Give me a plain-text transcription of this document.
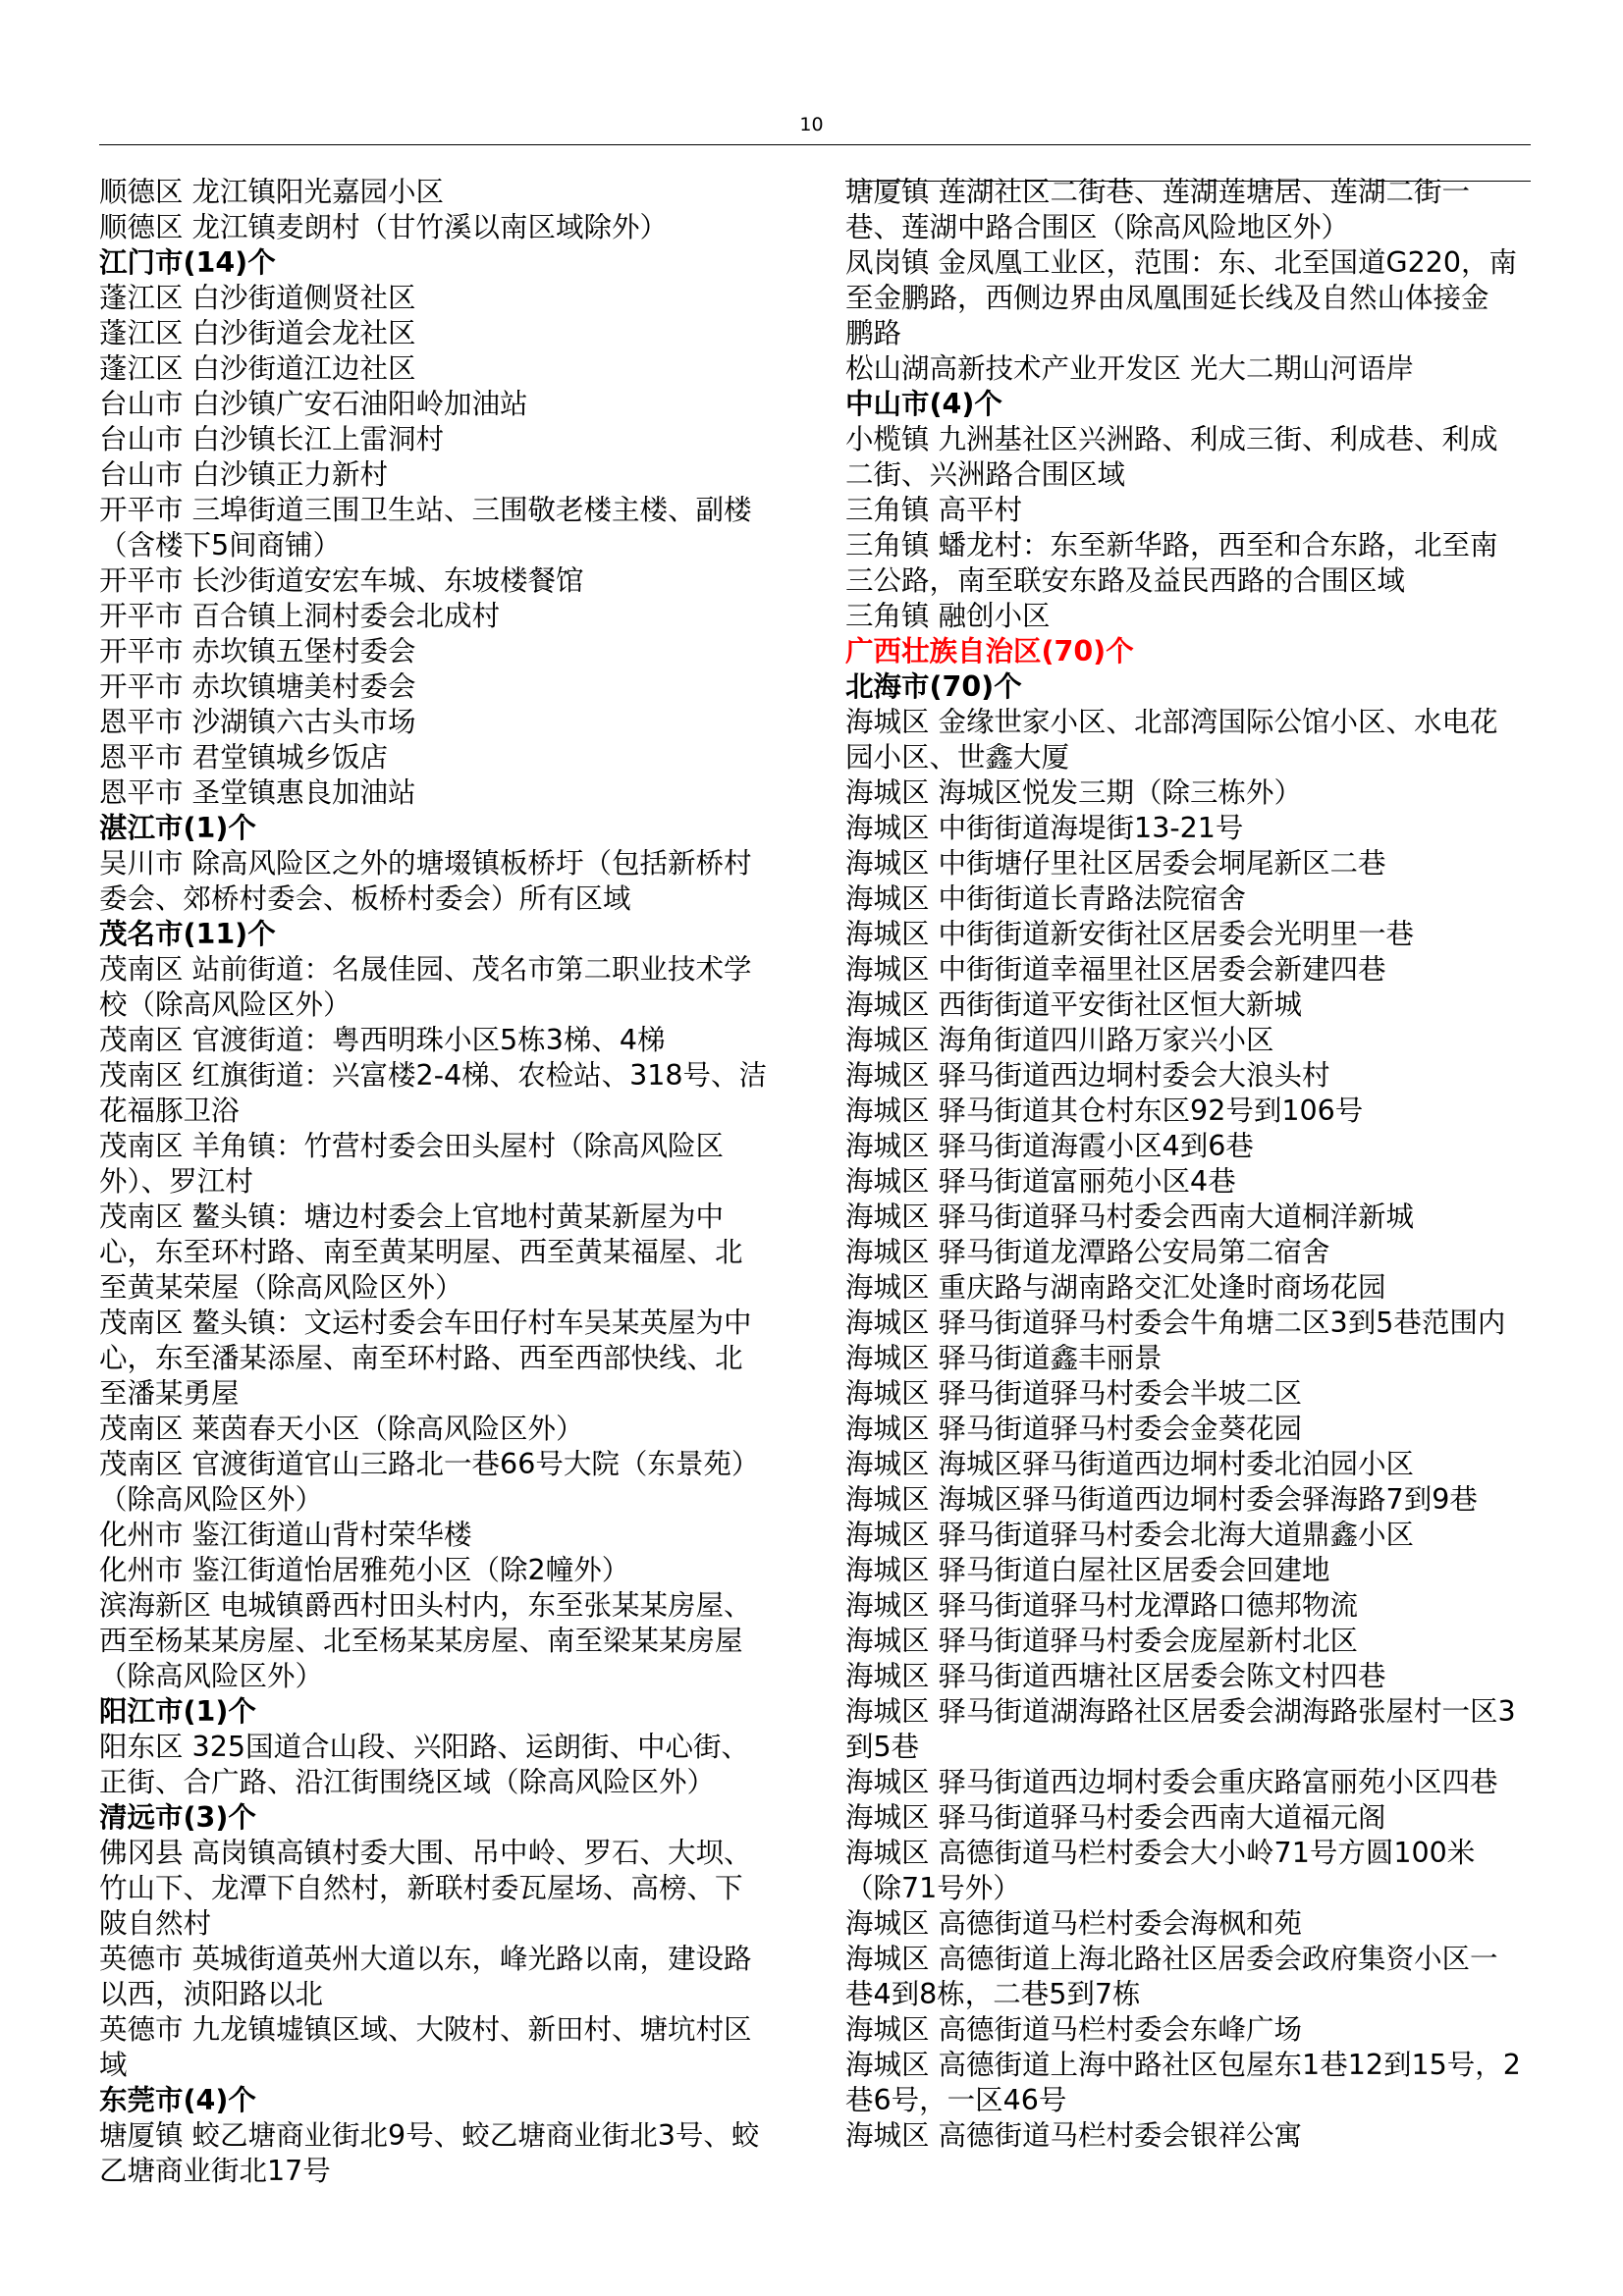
10
顺德区 龙江镇阳光嘉园小区
顺德区 龙江镇麦朗村（甘竹溪以南区域除外）
江门市(14)个
蓬江区 白沙街道侧贤社区
蓬江区 白沙街道会龙社区
蓬江区 白沙街道江边社区
台山市 白沙镇广安石油阳岭加油站
台山市 白沙镇长江上雷洞村
台山市 白沙镇正力新村
开平市 三埠街道三围卫生站、三围敬老楼主楼、副楼
（含楼下5间商铺）
开平市 长沙街道安宏车城、东坡楼餐馆
开平市 百合镇上洞村委会北成村
开平市 赤坎镇五堡村委会
开平市 赤坎镇塘美村委会
恩平市 沙湖镇六古头市场
恩平市 君堂镇城乡饭店
恩平市 圣堂镇惠良加油站
湛江市(1)个
吴川市 除高风险区之外的塘㙍镇板桥圩（包括新桥村
委会、郊桥村委会、板桥村委会）所有区域
茂名市(11)个
茂南区 站前街道：名晟佳园、茂名市第二职业技术学
校（除高风险区外）
茂南区 官渡街道：粤西明珠小区5栋3梯、4梯
茂南区 红旗街道：兴富楼2-4梯、农检站、318号、洁
花福豚卫浴
茂南区 羊角镇：竹营村委会田头屋村（除高风险区
外）、罗江村
茂南区 鳌头镇：塘边村委会上官地村黄某新屋为中
心，东至环村路、南至黄某明屋、西至黄某福屋、北
至黄某荣屋（除高风险区外）
茂南区 鳌头镇：文运村委会车田仔村车吴某英屋为中
心，东至潘某添屋、南至环村路、西至西部快线、北
至潘某勇屋
茂南区 莱茵春天小区（除高风险区外）
茂南区 官渡街道官山三路北一巷66号大院（东景苑）
（除高风险区外）
化州市 鉴江街道山背村荣华楼
化州市 鉴江街道怡居雅苑小区（除2幢外）
滨海新区 电城镇爵西村田头村内，东至张某某房屋、
西至杨某某房屋、北至杨某某房屋、南至梁某某房屋
（除高风险区外）
阳江市(1)个
阳东区 325国道合山段、兴阳路、运朗街、中心街、
正街、合广路、沿江街围绕区域（除高风险区外）
清远市(3)个
佛冈县 高岗镇高镇村委大围、吊中岭、罗石、大坝、
竹山下、龙潭下自然村，新联村委瓦屋场、高榜、下
陂自然村
英德市 英城街道英州大道以东，峰光路以南，建设路
以西，浈阳路以北
英德市 九龙镇墟镇区域、大陂村、新田村、塘坑村区
域
东莞市(4)个
塘厦镇 蛟乙塘商业街北9号、蛟乙塘商业街北3号、蛟
乙塘商业街北17号
塘厦镇 莲湖社区二街巷、莲湖莲塘居、莲湖二街一
巷、莲湖中路合围区（除高风险地区外）
凤岗镇 金凤凰工业区，范围：东、北至国道G220，南
至金鹏路，西侧边界由凤凰围延长线及自然山体接金
鹏路
松山湖高新技术产业开发区 光大二期山河语岸
中山市(4)个
小榄镇 九洲基社区兴洲路、利成三街、利成巷、利成
二街、兴洲路合围区域
三角镇 高平村
三角镇 蟠龙村：东至新华路，西至和合东路，北至南
三公路，南至联安东路及益民西路的合围区域
三角镇 融创小区
广西壮族自治区(70)个
北海市(70)个
海城区 金缘世家小区、北部湾国际公馆小区、水电花
园小区、世鑫大厦
海城区 海城区悦发三期（除三栋外）
海城区 中街街道海堤街13-21号
海城区 中街塘仔里社区居委会垌尾新区二巷
海城区 中街街道长青路法院宿舍
海城区 中街街道新安街社区居委会光明里一巷
海城区 中街街道幸福里社区居委会新建四巷
海城区 西街街道平安街社区恒大新城
海城区 海角街道四川路万家兴小区
海城区 驿马街道西边垌村委会大浪头村
海城区 驿马街道其仓村东区92号到106号
海城区 驿马街道海霞小区4到6巷
海城区 驿马街道富丽苑小区4巷
海城区 驿马街道驿马村委会西南大道桐洋新城
海城区 驿马街道龙潭路公安局第二宿舍
海城区 重庆路与湖南路交汇处逢时商场花园
海城区 驿马街道驿马村委会牛角塘二区3到5巷范围内
海城区 驿马街道鑫丰丽景
海城区 驿马街道驿马村委会半坡二区
海城区 驿马街道驿马村委会金葵花园
海城区 海城区驿马街道西边垌村委北泊园小区
海城区 海城区驿马街道西边垌村委会驿海路7到9巷
海城区 驿马街道驿马村委会北海大道鼎鑫小区
海城区 驿马街道白屋社区居委会回建地
海城区 驿马街道驿马村龙潭路口德邦物流
海城区 驿马街道驿马村委会庞屋新村北区
海城区 驿马街道西塘社区居委会陈文村四巷
海城区 驿马街道湖海路社区居委会湖海路张屋村一区3
到5巷
海城区 驿马街道西边垌村委会重庆路富丽苑小区四巷
海城区 驿马街道驿马村委会西南大道福元阁
海城区 高德街道马栏村委会大小岭71号方圆100米
（除71号外）
海城区 高德街道马栏村委会海枫和苑
海城区 高德街道上海北路社区居委会政府集资小区一
巷4到8栋，二巷5到7栋
海城区 高德街道马栏村委会东峰广场
海城区 高德街道上海中路社区包屋东1巷12到15号，2
巷6号，一区46号
海城区 高德街道马栏村委会银祥公寓
